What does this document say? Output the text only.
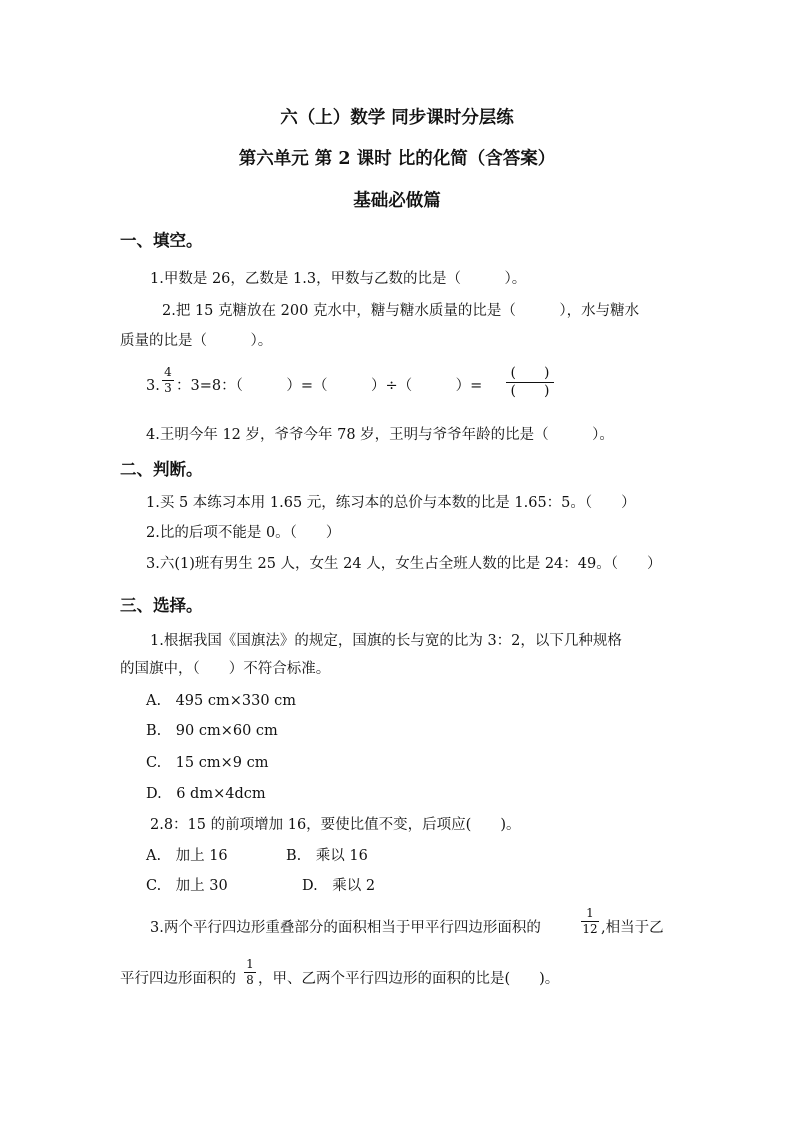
六（上）数学 同步课时分层练
第六单元 第 2 课时 比的化简（含答案）
基础必做篇
一、填空。
1.甲数是 26，乙数是 1.3，甲数与乙数的比是（　　　）。
2.把 15 克糖放在 200 克水中，糖与糖水质量的比是（　　　），水与糖水
质量的比是（　　　）。
3.
4
3 ：3=8：（　　　）=（　　　）÷（　　　）=
(　　)
(　　)
4.王明今年 12 岁，爷爷今年 78 岁，王明与爷爷年龄的比是（　　　）。
二、判断。
1.买 5 本练习本用 1.65 元，练习本的总价与本数的比是 1.65：5。（　　）
2.比的后项不能是 0。（　　）
3.六(1)班有男生 25 人，女生 24 人，女生占全班人数的比是 24：49。（　　）
三、选择。
1.根据我国《国旗法》的规定，国旗的长与宽的比为 3：2，以下几种规格
的国旗中，（　　）不符合标准。
A.　495 cm×330 cm
B.　90 cm×60 cm
C.　15 cm×9 cm
D.　6 dm×4dcm
2.8：15 的前项增加 16，要使比值不变，后项应(　　)。
A.　加上 16	B.　乘以 16
C.　加上 30	D.　乘以 2
3.两个平行四边形重叠部分的面积相当于甲平行四边形面积的
1
12 ,相当于乙
平行四边形面积的
1
8 ，甲、乙两个平行四边形的面积的比是(　　)。
